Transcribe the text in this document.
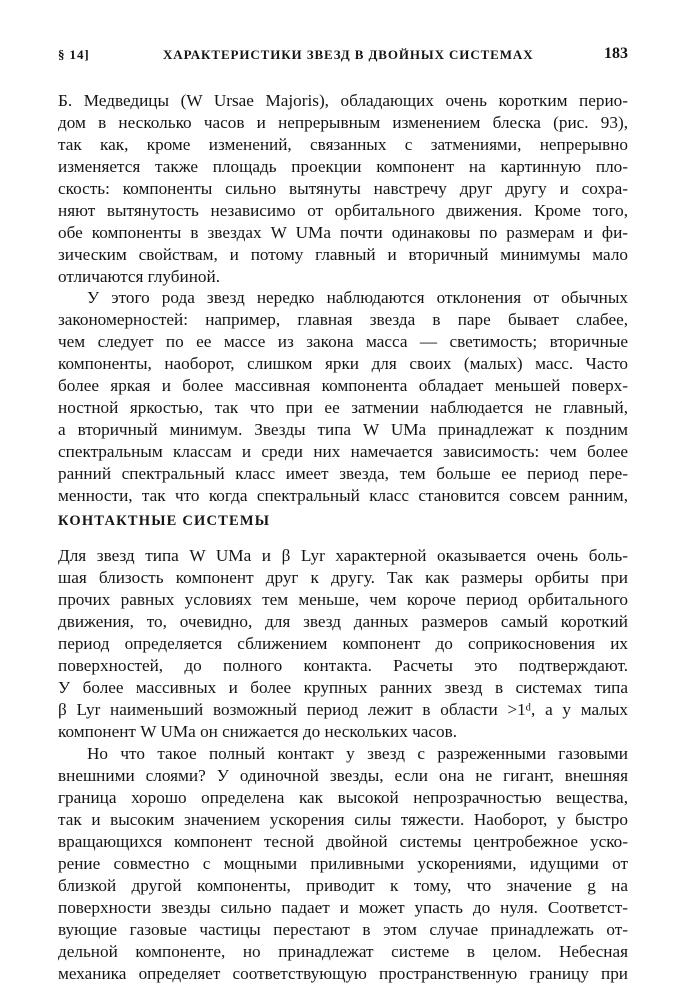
§ 14]	ХАРАКТЕРИСТИКИ ЗВЕЗД В ДВОЙНЫХ СИСТЕМАХ	183
Б. Медведицы (W Ursae Majoris), обладающих очень коротким перио-
дом в несколько часов и непрерывным изменением блеска (рис. 93),
так как, кроме изменений, связанных с затмениями, непрерывно
изменяется также площадь проекции компонент на картинную пло-
скость: компоненты сильно вытянуты навстречу друг другу и сохра-
няют вытянутость независимо от орбитального движения. Кроме того,
обе компоненты в звездах W UMa почти одинаковы по размерам и фи-
зическим свойствам, и потому главный и вторичный минимумы мало
отличаются глубиной.
У этого рода звезд нередко наблюдаются отклонения от обычных
закономерностей: например, главная звезда в паре бывает слабее,
чем следует по ее массе из закона масса — светимость; вторичные
компоненты, наоборот, слишком ярки для своих (малых) масс. Часто
более яркая и более массивная компонента обладает меньшей поверх-
ностной яркостью, так что при ее затмении наблюдается не главный,
а вторичный минимум. Звезды типа W UMa принадлежат к поздним
спектральным классам и среди них намечается зависимость: чем более
ранний спектральный класс имеет звезда, тем больше ее период пере-
менности, так что когда спектральный класс становится совсем ранним,
КОНТАКТНЫЕ СИСТЕМЫ
Для звезд типа W UMa и β Lyr характерной оказывается очень боль-
шая близость компонент друг к другу. Так как размеры орбиты при
прочих равных условиях тем меньше, чем короче период орбитального
движения, то, очевидно, для звезд данных размеров самый короткий
период определяется сближением компонент до соприкосновения их
поверхностей, до полного контакта. Расчеты это подтверждают.
У более массивных и более крупных ранних звезд в системах типа
β Lyr наименьший возможный период лежит в области >1ᵈ, а у малых
компонент W UMa он снижается до нескольких часов.
Но что такое полный контакт у звезд с разреженными газовыми
внешними слоями? У одиночной звезды, если она не гигант, внешняя
граница хорошо определена как высокой непрозрачностью вещества,
так и высоким значением ускорения силы тяжести. Наоборот, у быстро
вращающихся компонент тесной двойной системы центробежное уско-
рение совместно с мощными приливными ускорениями, идущими от
близкой другой компоненты, приводит к тому, что значение g на
поверхности звезды сильно падает и может упасть до нуля. Соответст-
вующие газовые частицы перестают в этом случае принадлежать от-
дельной компоненте, но принадлежат системе в целом. Небесная
механика определяет соответствующую пространственную границу при
